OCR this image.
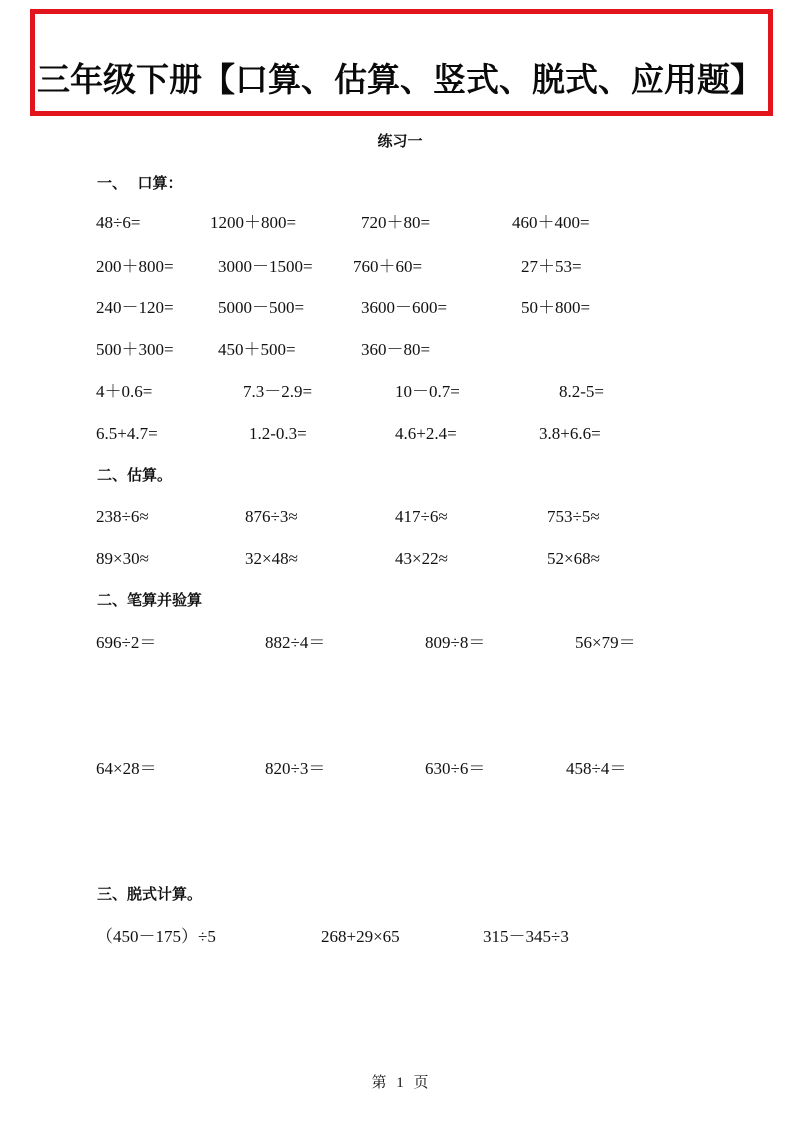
三年级下册【口算、估算、竖式、脱式、应用题】
练习一
一、  口算：
48÷6=	1200＋800=	720＋80=	460＋400=
200＋800=	3000－1500= 760＋60=	27＋53=
240－120=	5000－500=	3600－600=	50＋800=
500＋300=	450＋500=	360－80=
4＋0.6=	7.3－2.9=	10－0.7=	8.2-5=
6.5+4.7=	1.2-0.3=	4.6+2.4=	3.8+6.6=
二、估算。
238÷6≈	876÷3≈	417÷6≈	753÷5≈
89×30≈	32×48≈	43×22≈	52×68≈
二、笔算并验算
696÷2＝	882÷4＝	809÷8＝	56×79＝
64×28＝	820÷3＝	630÷6＝	458÷4＝
三、脱式计算。
（450－175）÷5	268+29×65	315－345÷3
第 1 页
